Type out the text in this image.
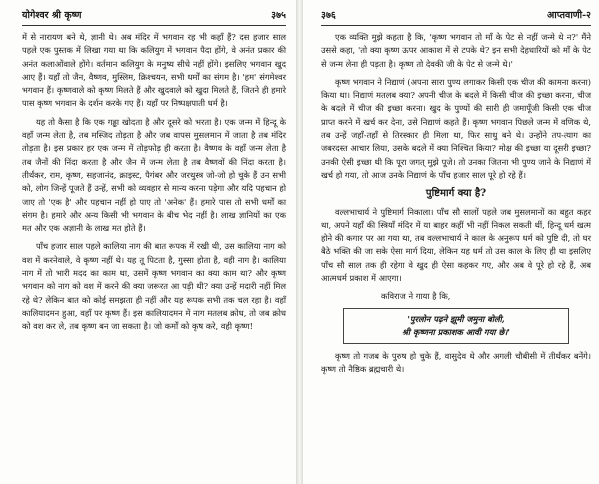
योगेश्वर श्री कृष्ण	३७५

में से नारायण बने थे, ज्ञानी थे। अब मंदिर में भगवान रह भी कहाँ हैं? दस हजार साल पहले एक पुस्तक में लिखा गया था कि कलियुग में भगवान पैदा होंगे, वे अनंत प्रकार की अनंत कलाओंवाले होंगे। वर्तमान कलियुग के मनुष्य सीधे नहीं होंगे। इसलिए भगवान खुद आए हैं। यहाँ तो जैन, वैष्णव, मुस्लिम, क्रिश्चयन, सभी धर्मों का संगम है। 'हम' संगमेश्वर भगवान हैं। कृष्णवाले को कृष्ण मिलते हैं और खुदवाले को खुदा मिलते हैं, जितने ही हमारे पास कृष्ण भगवान के दर्शन करके गए हैं। यहाँ पर निष्पक्षपाती धर्म है।

यह तो कैसा है कि एक गड्ढा खोदता है और दूसरे को भरता है। एक जन्म में हिन्दू के वहाँ जन्म लेता है, तब मस्जिद तोड़ता है और जब वापस मुसलमान में जाता है तब मंदिर तोड़ता है। इस प्रकार हर एक जन्म में तोड़फोड़ ही करता है। वैष्णव के वहाँ जन्म लेता है तब जैनों की निंदा करता है और जैन में जन्म लेता है तब वैष्णवों की निंदा करता है। तीर्थंकर, राम, कृष्ण, सहजानंद, क्राइस्ट, पैगंबर और जरथुस्त्र जो-जो हो चुके हैं उन सभी को, लोग जिन्हें पूजते हैं उन्हें, सभी को व्यवहार से मान्य करना पड़ेगा और यदि पहचान हो जाए तो 'एक है' और पहचान नहीं हो पाए तो 'अनेक' हैं। हमारे पास तो सभी धर्मों का संगम है। हमारे और अन्य किसी भी भगवान के बीच भेद नहीं है। लाख ज्ञानियों का एक मत और एक अज्ञानी के लाख मत होते हैं।

पाँच हजार साल पहले कालिया नाग की बात रूपक में रखी थी, उस कालिया नाग को वश में करनेवाले, वे कृष्ण नहीं थे। यह तू पिटता है, गुस्सा होता है, वही नाग है। कालिया नाग में तो भारी मदद का काम था, उसमें कृष्ण भगवान का क्या काम था? और कृष्ण भगवान को नाग को वश में करने की क्या जरूरत आ पड़ी थी? क्या उन्हें मदारी नहीं मिल रहे थे? लेकिन बात को कोई समझता ही नहीं और यह रूपक सभी तक चल रहा है। वहाँ कालियादमन हुआ, वहाँ पर कृष्ण हैं। इस कालियादमन में नाग मतलब क्रोध, तो जब क्रोध को वश कर ले, तब कृष्ण बन जा सकता है। जो कर्मों को कृष करे, वही कृष्ण!

३७६	आप्तवाणी-२

एक व्यक्ति मुझे कहता है कि, 'कृष्ण भगवान तो माँ के पेट से नहीं जन्मे थे न?' मैंने उससे कहा, 'तो क्या कृष्ण ऊपर आकाश में से टपके थे? इन सभी देहधारियों को माँ के पेट से जन्म लेना ही पड़ता है। कृष्ण तो देवकी जी के पेट से जन्मे थे।'

कृष्ण भगवान ने निद्याणं (अपना सारा पुण्य लगाकर किसी एक चीज की कामना करना) किया था। निद्याणं मतलब क्या? अपनी चीज के बदले में किसी चीज की इच्छा करना, चीज के बदले में चीज की इच्छा करना। खुद के पुण्यों की सारी ही जमापूँजी किसी एक चीज प्राप्त करने में खर्च कर देना, उसे निद्याणं कहते हैं। कृष्ण भगवान पिछले जन्म में वणिक थे, तब उन्हें जहाँ-तहाँ से तिरस्कार ही मिला था, फिर साधु बने थे। उन्होंने तप-त्याग का जबरदस्त आचार लिया, उसके बदले में क्या निश्चित किया? मोक्ष की इच्छा या दूसरी इच्छा? उनकी ऐसी इच्छा थी कि पूरा जगत् मुझे पूजे। तो उनका जितना भी पुण्य जाने के निद्याणं में खर्च हो गया, तो आज उनके निद्याणं के पाँच हजार साल पूरे हो रहे हैं।

पुष्टिमार्ग क्या है?

वल्लभाचार्य ने पुष्टिमार्ग निकाला। पाँच सौ सालों पहले जब मुसलमानों का बहुत कहर था, अपने यहाँ की स्त्रियाँ मंदिर में या बाहर कहीं भी नहीं निकल सकती थीं, हिन्दू धर्म खत्म होने की कगार पर आ गया था, तब वल्लभाचार्य ने काल के अनुरूप धर्म को पुष्टि दी, तो घर बैठे भक्ति की जा सके ऐसा मार्ग दिया, लेकिन यह धर्म तो उस काल के लिए ही था इसलिए पाँच सौ साल तक ही रहेगा वे खुद ही ऐसा कहकर गए, और अब वे पूरे हो रहे हैं, अब आत्मधर्म प्रकाश में आएगा।

कविराज ने गाया है कि,
'पुरलोन पढ़ने झूमी जमुना बोली,
श्री कृष्णना प्रकाशक आवी गया छे।'

कृष्ण तो गजब के पुरुष हो चुके हैं, वासुदेव थे और अगली चौबीसी में तीर्थंकर बनेंगे। कृष्ण तो नैष्ठिक ब्रह्मचारी थे।
